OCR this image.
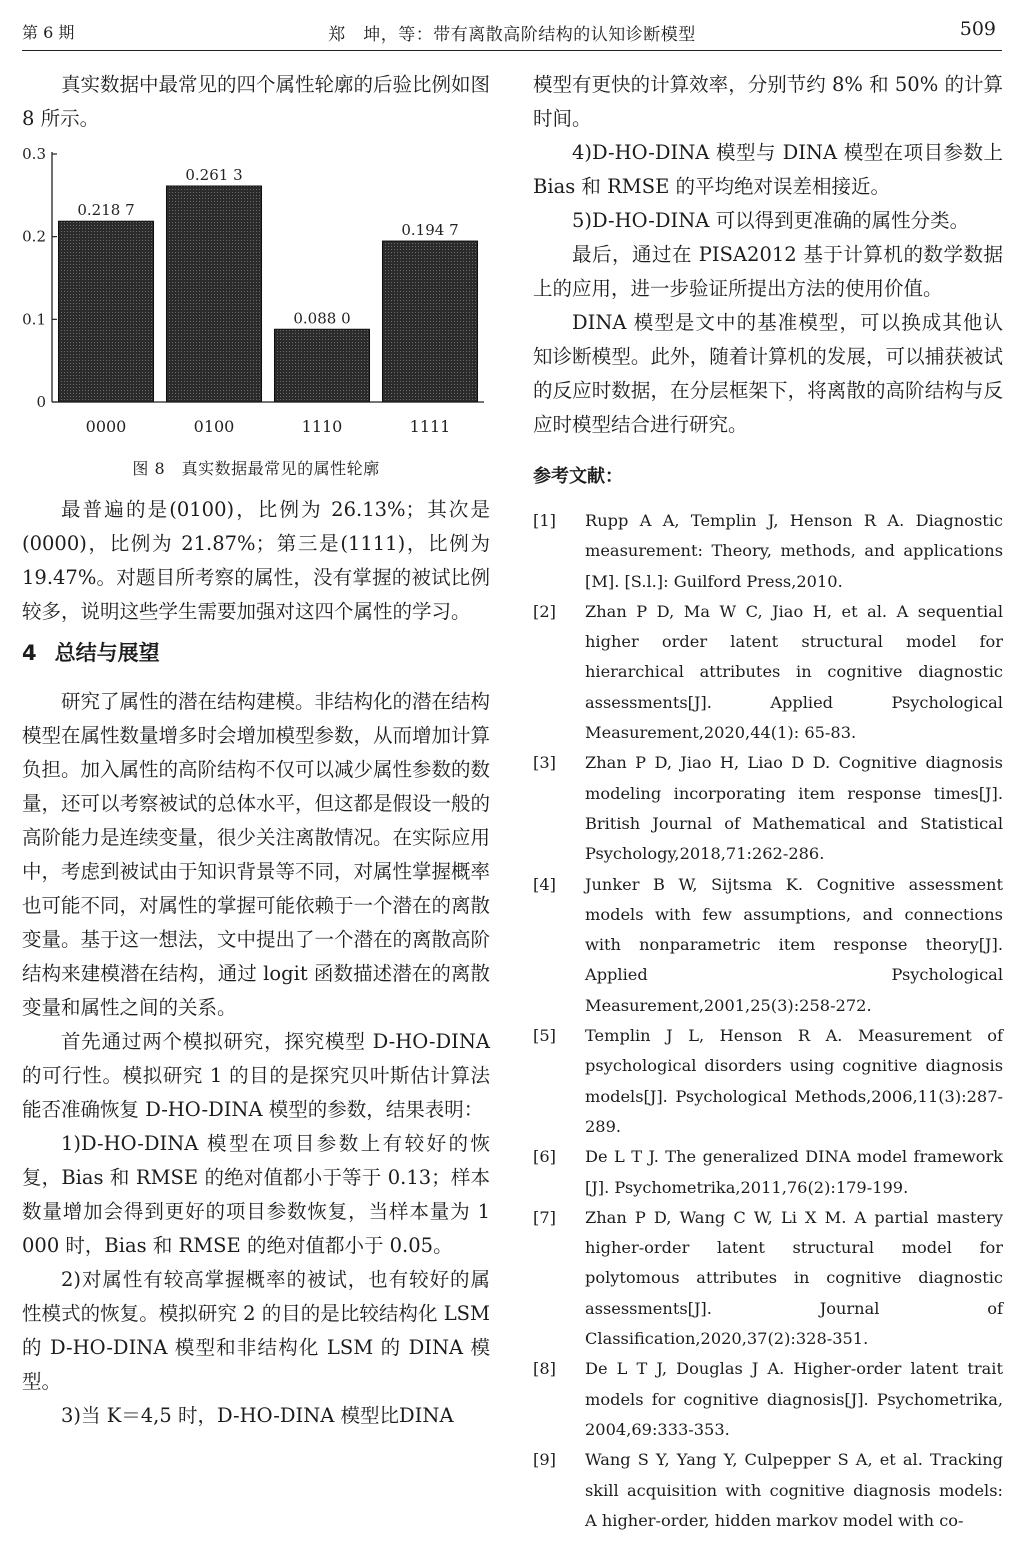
第 6 期	郑　坤，等：带有离散高阶结构的认知诊断模型	509

真实数据中最常见的四个属性轮廓的后验比例如图 8 所示。

0
0.1
0.2
0.3
0.218 7
0000
0.261 3
0100
0.088 0
1110
0.194 7
1111
图 8　真实数据最常见的属性轮廓

最普遍的是(0100)，比例为 26.13%；其次是(0000)，比例为 21.87%；第三是(1111)，比例为 19.47%。对题目所考察的属性，没有掌握的被试比例较多，说明这些学生需要加强对这四个属性的学习。

4 总结与展望

研究了属性的潜在结构建模。非结构化的潜在结构模型在属性数量增多时会增加模型参数，从而增加计算负担。加入属性的高阶结构不仅可以减少属性参数的数量，还可以考察被试的总体水平，但这都是假设一般的高阶能力是连续变量，很少关注离散情况。在实际应用中，考虑到被试由于知识背景等不同，对属性掌握概率也可能不同，对属性的掌握可能依赖于一个潜在的离散变量。基于这一想法，文中提出了一个潜在的离散高阶结构来建模潜在结构，通过 logit 函数描述潜在的离散变量和属性之间的关系。

首先通过两个模拟研究，探究模型 D-HO-DINA 的可行性。模拟研究 1 的目的是探究贝叶斯估计算法能否准确恢复 D-HO-DINA 模型的参数，结果表明：

1)D-HO-DINA 模型在项目参数上有较好的恢复，Bias 和 RMSE 的绝对值都小于等于 0.13；样本数量增加会得到更好的项目参数恢复，当样本量为 1 000 时，Bias 和 RMSE 的绝对值都小于 0.05。

2)对属性有较高掌握概率的被试，也有较好的属性模式的恢复。模拟研究 2 的目的是比较结构化 LSM 的 D-HO-DINA 模型和非结构化 LSM 的 DINA 模型。

3)当 K＝4,5 时，D-HO-DINA 模型比DINA

模型有更快的计算效率，分别节约 8% 和 50% 的计算时间。

4)D-HO-DINA 模型与 DINA 模型在项目参数上 Bias 和 RMSE 的平均绝对误差相接近。

5)D-HO-DINA 可以得到更准确的属性分类。

最后，通过在 PISA2012 基于计算机的数学数据上的应用，进一步验证所提出方法的使用价值。

DINA 模型是文中的基准模型，可以换成其他认知诊断模型。此外，随着计算机的发展，可以捕获被试的反应时数据，在分层框架下，将离散的高阶结构与反应时模型结合进行研究。

参考文献：
[1] Rupp A A, Templin J, Henson R A. Diagnostic measurement: Theory, methods, and applications [M]. [S.l.]: Guilford Press,2010.
[2] Zhan P D, Ma W C, Jiao H, et al. A sequential higher order latent structural model for hierarchical attributes in cognitive diagnostic assessments[J]. Applied Psychological Measurement,2020,44(1): 65-83.
[3] Zhan P D, Jiao H, Liao D D. Cognitive diagnosis modeling incorporating item response times[J]. British Journal of Mathematical and Statistical Psychology,2018,71:262-286.
[4] Junker B W, Sijtsma K. Cognitive assessment models with few assumptions, and connections with nonparametric item response theory[J]. Applied Psychological Measurement,2001,25(3):258-272.
[5] Templin J L, Henson R A. Measurement of psychological disorders using cognitive diagnosis models[J]. Psychological Methods,2006,11(3):287-289.
[6] De L T J. The generalized DINA model framework [J]. Psychometrika,2011,76(2):179-199.
[7] Zhan P D, Wang C W, Li X M. A partial mastery higher-order latent structural model for polytomous attributes in cognitive diagnostic assessments[J]. Journal of Classification,2020,37(2):328-351.
[8] De L T J, Douglas J A. Higher-order latent trait models for cognitive diagnosis[J]. Psychometrika, 2004,69:333-353.
[9] Wang S Y, Yang Y, Culpepper S A, et al. Tracking skill acquisition with cognitive diagnosis models: A higher-order, hidden markov model with co-
